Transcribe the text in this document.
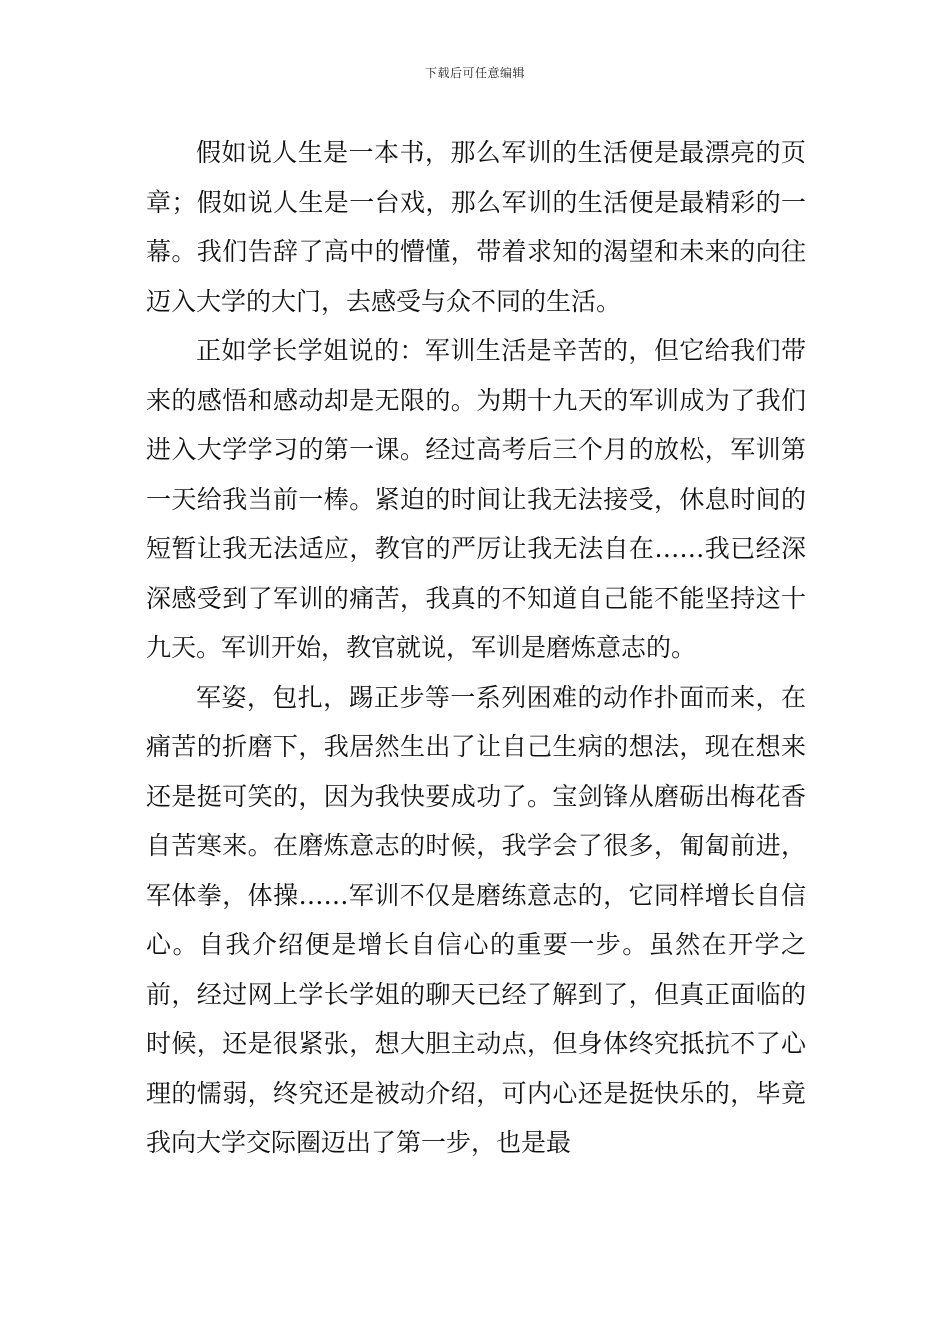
下载后可任意编辑

假如说人生是一本书，那么军训的生活便是最漂亮的页章；假如说人生是一台戏，那么军训的生活便是最精彩的一幕。我们告辞了高中的懵懂，带着求知的渴望和未来的向往迈入大学的大门，去感受与众不同的生活。

正如学长学姐说的：军训生活是辛苦的，但它给我们带来的感悟和感动却是无限的。为期十九天的军训成为了我们进入大学学习的第一课。经过高考后三个月的放松，军训第一天给我当前一棒。紧迫的时间让我无法接受，休息时间的短暂让我无法适应，教官的严厉让我无法自在……我已经深深感受到了军训的痛苦，我真的不知道自己能不能坚持这十九天。军训开始，教官就说，军训是磨炼意志的。

军姿，包扎，踢正步等一系列困难的动作扑面而来，在痛苦的折磨下，我居然生出了让自己生病的想法，现在想来还是挺可笑的，因为我快要成功了。宝剑锋从磨砺出梅花香自苦寒来。在磨炼意志的时候，我学会了很多，匍匐前进，军体拳，体操……军训不仅是磨练意志的，它同样增长自信心。自我介绍便是增长自信心的重要一步。虽然在开学之前，经过网上学长学姐的聊天已经了解到了，但真正面临的时候，还是很紧张，想大胆主动点，但身体终究抵抗不了心理的懦弱，终究还是被动介绍，可内心还是挺快乐的，毕竟我向大学交际圈迈出了第一步，也是最
